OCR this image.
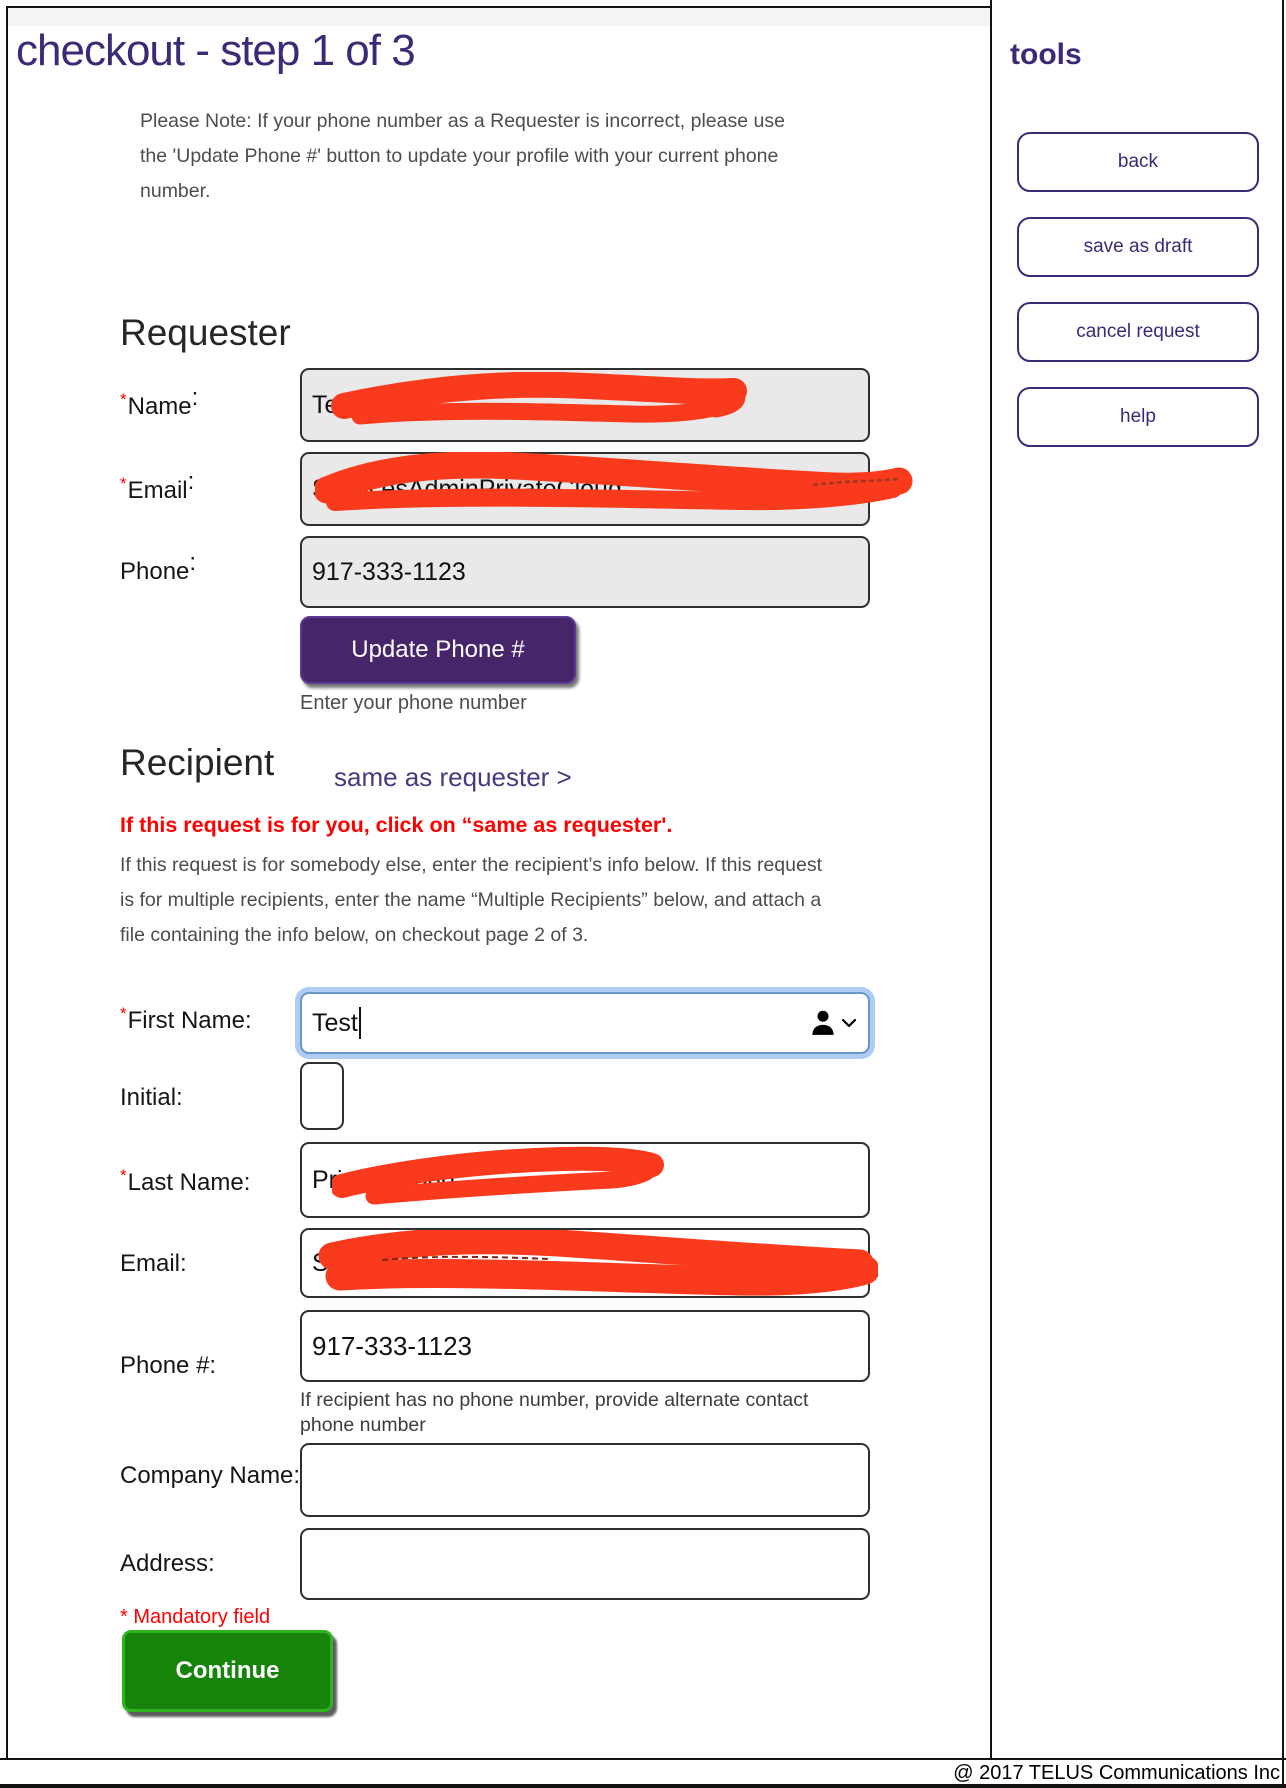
checkout - step 1 of 3
Please Note: If your phone number as a Requester is incorrect, please use
the 'Update Phone #' button to update your profile with your current phone
number.
Requester
*Name:	Test P
*Email:	ServicesAdminPrivateCloud	qa.c
Phone:
917-333-1123
Update Phone #
Enter your phone number
Recipient same as requester >
If this request is for you, click on “same as requester'.
If this request is for somebody else, enter the recipient’s info below. If this request
is for multiple recipients, enter the name “Multiple Recipients” below, and attach a
file containing the info below, on checkout page 2 of 3.
*First Name: Test
Initial:
*Last Name: PrivateCloud
Email:	S
Phone #:
917-333-1123
If recipient has no phone number, provide alternate contact
phone number
Company Name:
Address:
* Mandatory field
Continue
tools
back
save as draft
cancel request
help
@ 2017 TELUS Communications Inc
